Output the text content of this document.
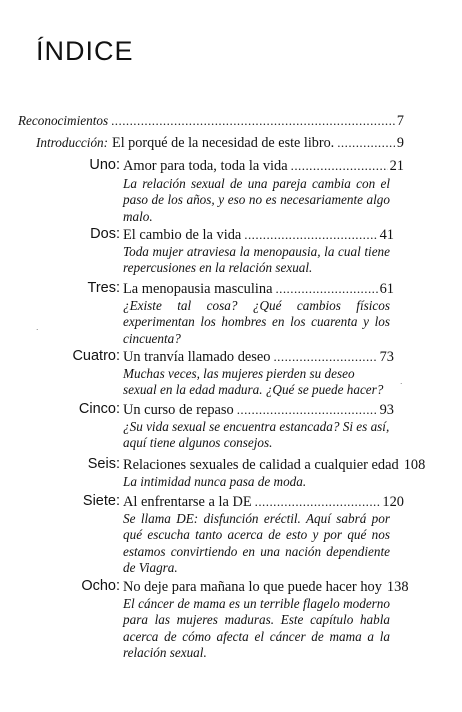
ÍNDICE
Reconocimientos . . .	7
Introducción: El porqué de la necesidad de este libro. . . .	9
Uno: Amor para toda, toda la vida . . .	21

La relación sexual de una pareja cambia con el paso de los años, y eso no es necesariamente algo malo.

Dos: El cambio de la vida . . .	41

Toda mujer atraviesa la menopausia, la cual tiene repercusiones en la relación sexual.

Tres: La menopausia masculina . . .	61

¿Existe tal cosa? ¿Qué cambios físicos experimentan los hombres en los cuarenta y los cincuenta?

Cuatro: Un tranvía llamado deseo . . .	73

Muchas veces, las mujeres pierden su deseo sexual en la edad madura. ¿Qué se puede hacer?

Cinco: Un curso de repaso . . .	93

¿Su vida sexual se encuentra estancada? Si es así, aquí tiene algunos consejos.

Seis: Relaciones sexuales de calidad a cualquier edad 108

La intimidad nunca pasa de moda.

Siete: Al enfrentarse a la DE . . .	120

Se llama DE: disfunción eréctil. Aquí sabrá por qué escucha tanto acerca de esto y por qué nos estamos convirtiendo en una nación dependiente de Viagra.

Ocho: No deje para mañana lo que puede hacer hoy 138

El cáncer de mama es un terrible flagelo moderno para las mujeres maduras. Este capítulo habla acerca de cómo afecta el cáncer de mama a la relación sexual.

·
·
